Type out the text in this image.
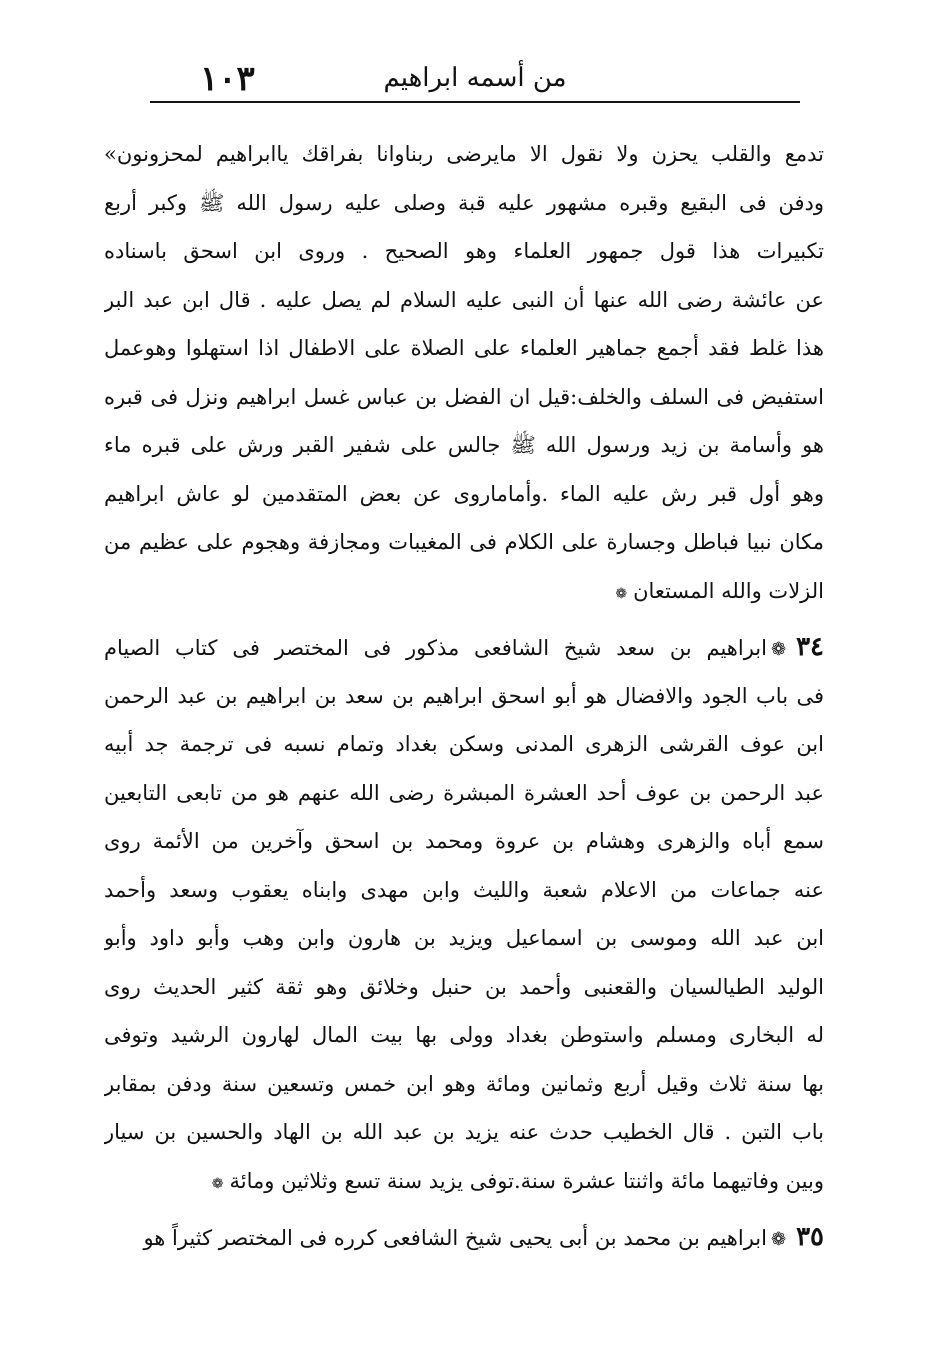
١٠٣	من أسمه ابراهيم
تدمع والقلب يحزن ولا نقول الا مايرضى ربناوانا بفراقك ياابراهيم لمحزونون»
ودفن فى البقيع وقبره مشهور عليه قبة وصلى عليه رسول الله ﷺ وكبر أربع
تكبيرات هذا قول جمهور العلماء وهو الصحيح . وروى ابن اسحق باسناده
عن عائشة رضى الله عنها أن النبى عليه السلام لم يصل عليه . قال ابن عبد البر
هذا غلط فقد أجمع جماهير العلماء على الصلاة على الاطفال اذا استهلوا وهوعمل
استفيض فى السلف والخلف:قيل ان الفضل بن عباس غسل ابراهيم ونزل فى قبره
هو وأسامة بن زيد ورسول الله ﷺ جالس على شفير القبر ورش على قبره ماء
وهو أول قبر رش عليه الماء .وأماماروى عن بعض المتقدمين لو عاش ابراهيم
مكان نبيا فباطل وجسارة على الكلام فى المغيبات ومجازفة وهجوم على عظيم من
الزلات والله المستعان❁
٣٤❁ابراهيم بن سعد شيخ الشافعى مذكور فى المختصر فى كتاب الصيام
فى باب الجود والافضال هو أبو اسحق ابراهيم بن سعد بن ابراهيم بن عبد الرحمن
ابن عوف القرشى الزهرى المدنى وسكن بغداد وتمام نسبه فى ترجمة جد أبيه
عبد الرحمن بن عوف أحد العشرة المبشرة رضى الله عنهم هو من تابعى التابعين
سمع أباه والزهرى وهشام بن عروة ومحمد بن اسحق وآخرين من الأئمة روى
عنه جماعات من الاعلام شعبة والليث وابن مهدى وابناه يعقوب وسعد وأحمد
ابن عبد الله وموسى بن اسماعيل ويزيد بن هارون وابن وهب وأبو داود وأبو
الوليد الطيالسيان والقعنبى وأحمد بن حنبل وخلائق وهو ثقة كثير الحديث روى
له البخارى ومسلم واستوطن بغداد وولى بها بيت المال لهارون الرشيد وتوفى
بها سنة ثلاث وقيل أربع وثمانين ومائة وهو ابن خمس وتسعين سنة ودفن بمقابر
باب التبن . قال الخطيب حدث عنه يزيد بن عبد الله بن الهاد والحسين بن سيار
وبين وفاتيهما مائة واثنتا عشرة سنة.توفى يزيد سنة تسع وثلاثين ومائة❁
٣٥❁ابراهيم بن محمد بن أبى يحيى شيخ الشافعى كرره فى المختصر كثيراً هو
